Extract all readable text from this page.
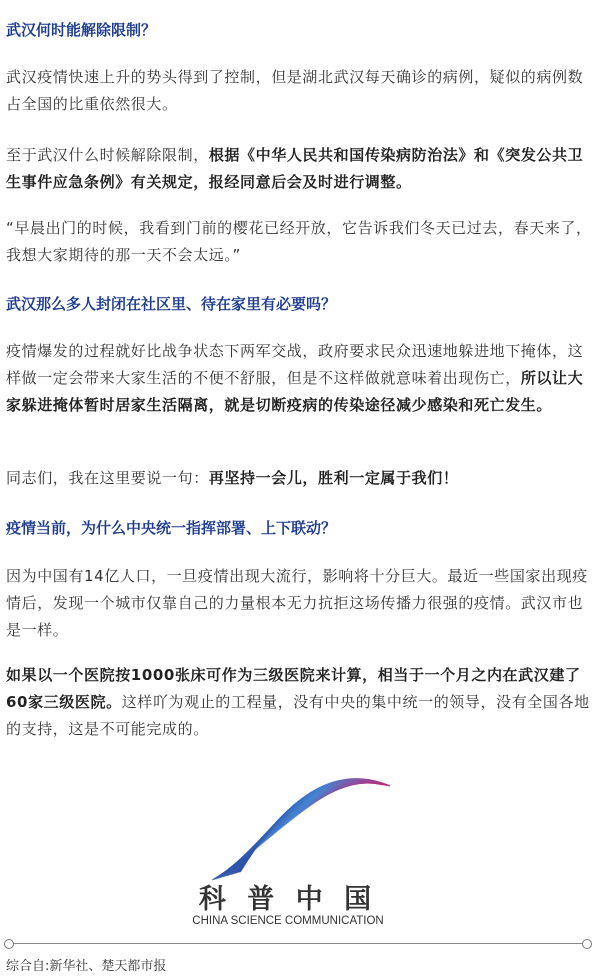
武汉何时能解除限制？
武汉疫情快速上升的势头得到了控制，但是湖北武汉每天确诊的病例，疑似的病例数占全国的比重依然很大。
至于武汉什么时候解除限制，根据《中华人民共和国传染病防治法》和《突发公共卫生事件应急条例》有关规定，报经同意后会及时进行调整。
“早晨出门的时候，我看到门前的樱花已经开放，它告诉我们冬天已过去，春天来了，我想大家期待的那一天不会太远。”
武汉那么多人封闭在社区里、待在家里有必要吗？
疫情爆发的过程就好比战争状态下两军交战，政府要求民众迅速地躲进地下掩体，这样做一定会带来大家生活的不便不舒服，但是不这样做就意味着出现伤亡，所以让大家躲进掩体暂时居家生活隔离，就是切断疫病的传染途径减少感染和死亡发生。
同志们，我在这里要说一句：再坚持一会儿，胜利一定属于我们！
疫情当前，为什么中央统一指挥部署、上下联动？
因为中国有14亿人口，一旦疫情出现大流行，影响将十分巨大。最近一些国家出现疫情后，发现一个城市仅靠自己的力量根本无力抗拒这场传播力很强的疫情。武汉市也是一样。
如果以一个医院按1000张床可作为三级医院来计算，相当于一个月之内在武汉建了60家三级医院。这样吖为观止的工程量，没有中央的集中统一的领导，没有全国各地的支持，这是不可能完成的。
科 普 中 国
CHINA SCIENCE COMMUNICATION
综合自:新华社、楚天都市报
